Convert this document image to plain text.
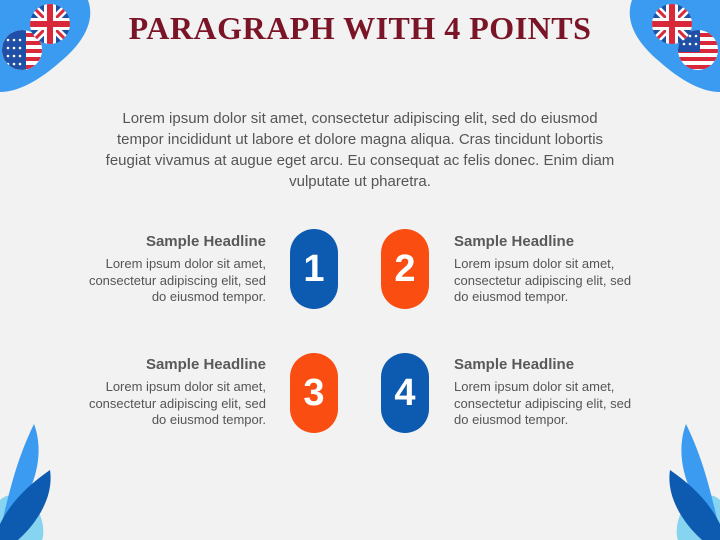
PARAGRAPH WITH 4 POINTS

Lorem ipsum dolor sit amet, consectetur adipiscing elit, sed do eiusmod tempor incididunt ut labore et dolore magna aliqua. Cras tincidunt lobortis feugiat vivamus at augue eget arcu. Eu consequat ac felis donec. Enim diam vulputate ut pharetra.

Sample Headline

Lorem ipsum dolor sit amet, consectetur adipiscing elit, sed do eiusmod tempor.

1	2
Sample Headline

Lorem ipsum dolor sit amet, consectetur adipiscing elit, sed do eiusmod tempor.

Sample Headline

Lorem ipsum dolor sit amet, consectetur adipiscing elit, sed do eiusmod tempor.

3	4
Sample Headline

Lorem ipsum dolor sit amet, consectetur adipiscing elit, sed do eiusmod tempor.
